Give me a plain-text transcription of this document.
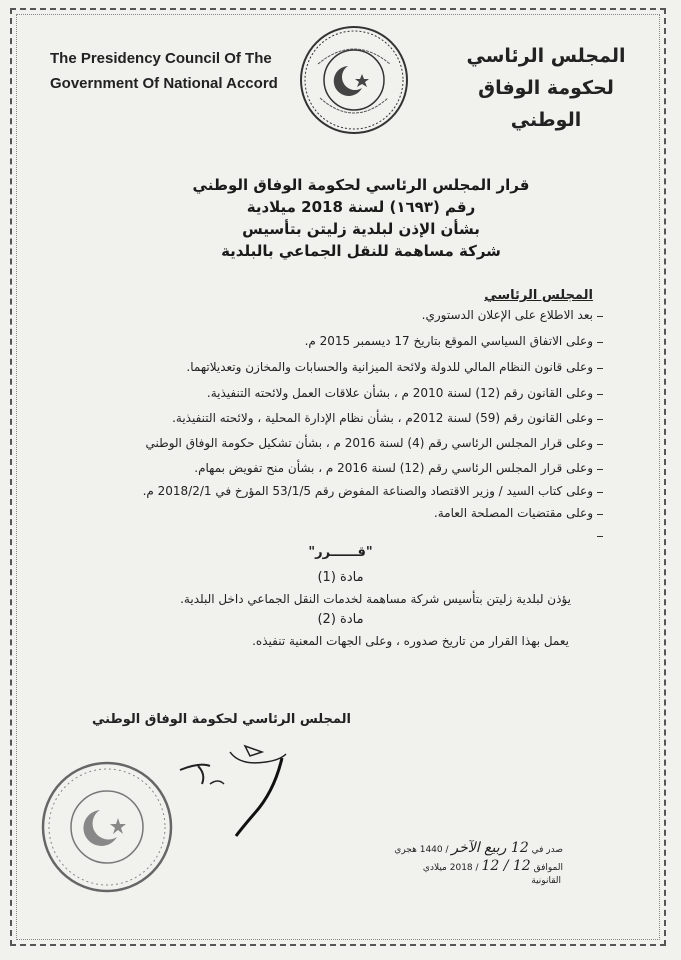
The Presidency Council Of The
Government Of National Accord
المجلس الرئاسي
لحكومة الوفاق الوطني
قرار المجلس الرئاسي لحكومة الوفاق الوطني
رقم (١٦٩٣) لسنة 2018 ميلادية
بشأن الإذن لبلدية زليتن بتأسيس
شركة مساهمة للنقل الجماعي بالبلدية
المجلس الرئاسي
بعد الاطلاع على الإعلان الدستوري.
وعلى الاتفاق السياسي الموقع بتاريخ 17 ديسمبر 2015 م.
وعلى قانون النظام المالي للدولة ولائحة الميزانية والحسابات والمخازن وتعديلاتهما.
وعلى القانون رقم (12) لسنة 2010 م ، بشأن علاقات العمل ولائحته التنفيذية.
وعلى القانون رقم (59) لسنة 2012م ، بشأن نظام الإدارة المحلية ، ولائحته التنفيذية.
وعلى قرار المجلس الرئاسي رقم (4) لسنة 2016 م ، بشأن تشكيل حكومة الوفاق الوطني
وعلى قرار المجلس الرئاسي رقم (12) لسنة 2016 م ، بشأن منح تفويض بمهام.
وعلى كتاب السيد / وزير الاقتصاد والصناعة المفوض رقم 53/1/5 المؤرخ في 2018/2/1 م.
وعلى مقتضيات المصلحة العامة.
"قــــــرر"
مادة (1)
يؤذن لبلدية زليتن بتأسيس شركة مساهمة لخدمات النقل الجماعي داخل البلدية.
مادة (2)
يعمل بهذا القرار من تاريخ صدوره ، وعلى الجهات المعنية تنفيذه.
المجلس الرئاسي لحكومة الوفاق الوطني
صدر في 12 ربيع الآخر / 1440 هجري
الموافق 12 / 12 / 2018 ميلادي
القانونية
